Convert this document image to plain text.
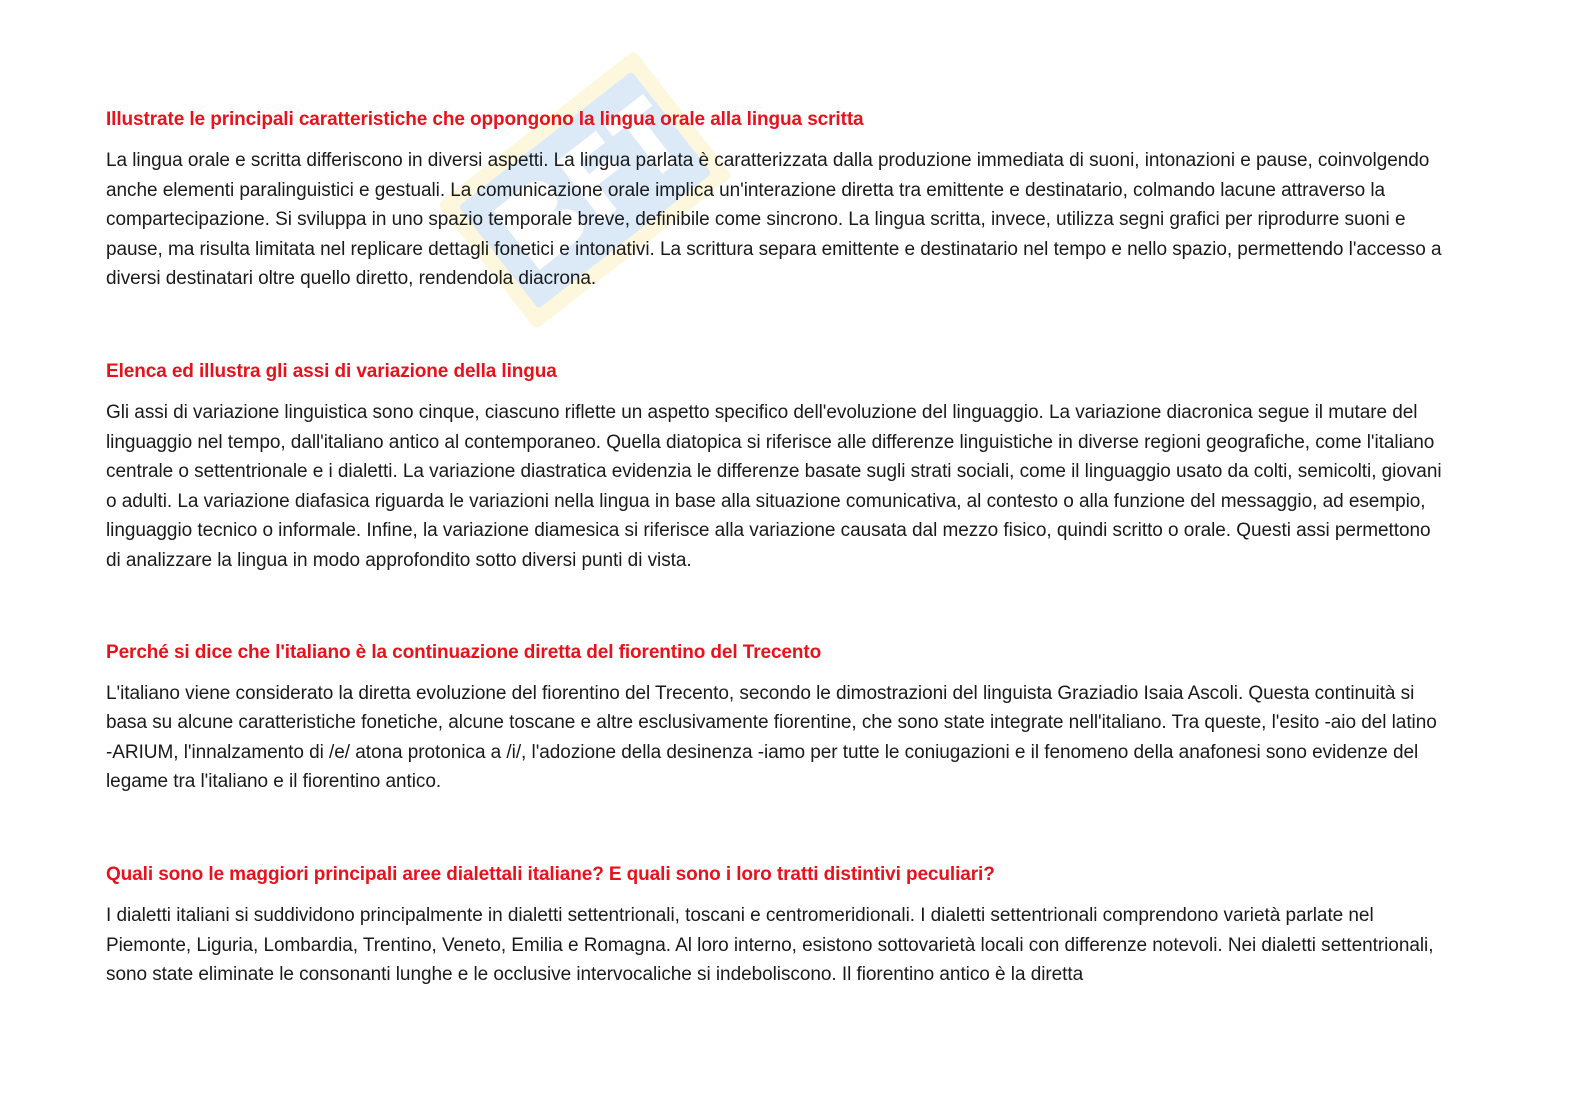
Illustrate le principali caratteristiche che oppongono la lingua orale alla lingua scritta

La lingua orale e scritta differiscono in diversi aspetti. La lingua parlata è caratterizzata dalla produzione immediata di suoni, intonazioni e pause, coinvolgendo anche elementi paralinguistici e gestuali. La comunicazione orale implica un'interazione diretta tra emittente e destinatario, colmando lacune attraverso la compartecipazione. Si sviluppa in uno spazio temporale breve, definibile come sincrono. La lingua scritta, invece, utilizza segni grafici per riprodurre suoni e pause, ma risulta limitata nel replicare dettagli fonetici e intonativi. La scrittura separa emittente e destinatario nel tempo e nello spazio, permettendo l'accesso a diversi destinatari oltre quello diretto, rendendola diacrona.

Elenca ed illustra gli assi di variazione della lingua

Gli assi di variazione linguistica sono cinque, ciascuno riflette un aspetto specifico dell'evoluzione del linguaggio. La variazione diacronica segue il mutare del linguaggio nel tempo, dall'italiano antico al contemporaneo. Quella diatopica si riferisce alle differenze linguistiche in diverse regioni geografiche, come l'italiano centrale o settentrionale e i dialetti. La variazione diastratica evidenzia le differenze basate sugli strati sociali, come il linguaggio usato da colti, semicolti, giovani o adulti. La variazione diafasica riguarda le variazioni nella lingua in base alla situazione comunicativa, al contesto o alla funzione del messaggio, ad esempio, linguaggio tecnico o informale. Infine, la variazione diamesica si riferisce alla variazione causata dal mezzo fisico, quindi scritto o orale. Questi assi permettono di analizzare la lingua in modo approfondito sotto diversi punti di vista.

Perché si dice che l'italiano è la continuazione diretta del fiorentino del Trecento

L'italiano viene considerato la diretta evoluzione del fiorentino del Trecento, secondo le dimostrazioni del linguista Graziadio Isaia Ascoli. Questa continuità si basa su alcune caratteristiche fonetiche, alcune toscane e altre esclusivamente fiorentine, che sono state integrate nell'italiano. Tra queste, l'esito -aio del latino -ARIUM, l'innalzamento di /e/ atona protonica a /i/, l'adozione della desinenza -iamo per tutte le coniugazioni e il fenomeno della anafonesi sono evidenze del legame tra l'italiano e il fiorentino antico.

Quali sono le maggiori principali aree dialettali italiane? E quali sono i loro tratti distintivi peculiari?

I dialetti italiani si suddividono principalmente in dialetti settentrionali, toscani e centromeridionali. I dialetti settentrionali comprendono varietà parlate nel Piemonte, Liguria, Lombardia, Trentino, Veneto, Emilia e Romagna. Al loro interno, esistono sottovarietà locali con differenze notevoli. Nei dialetti settentrionali, sono state eliminate le consonanti lunghe e le occlusive intervocaliche si indeboliscono. Il fiorentino antico è la diretta
